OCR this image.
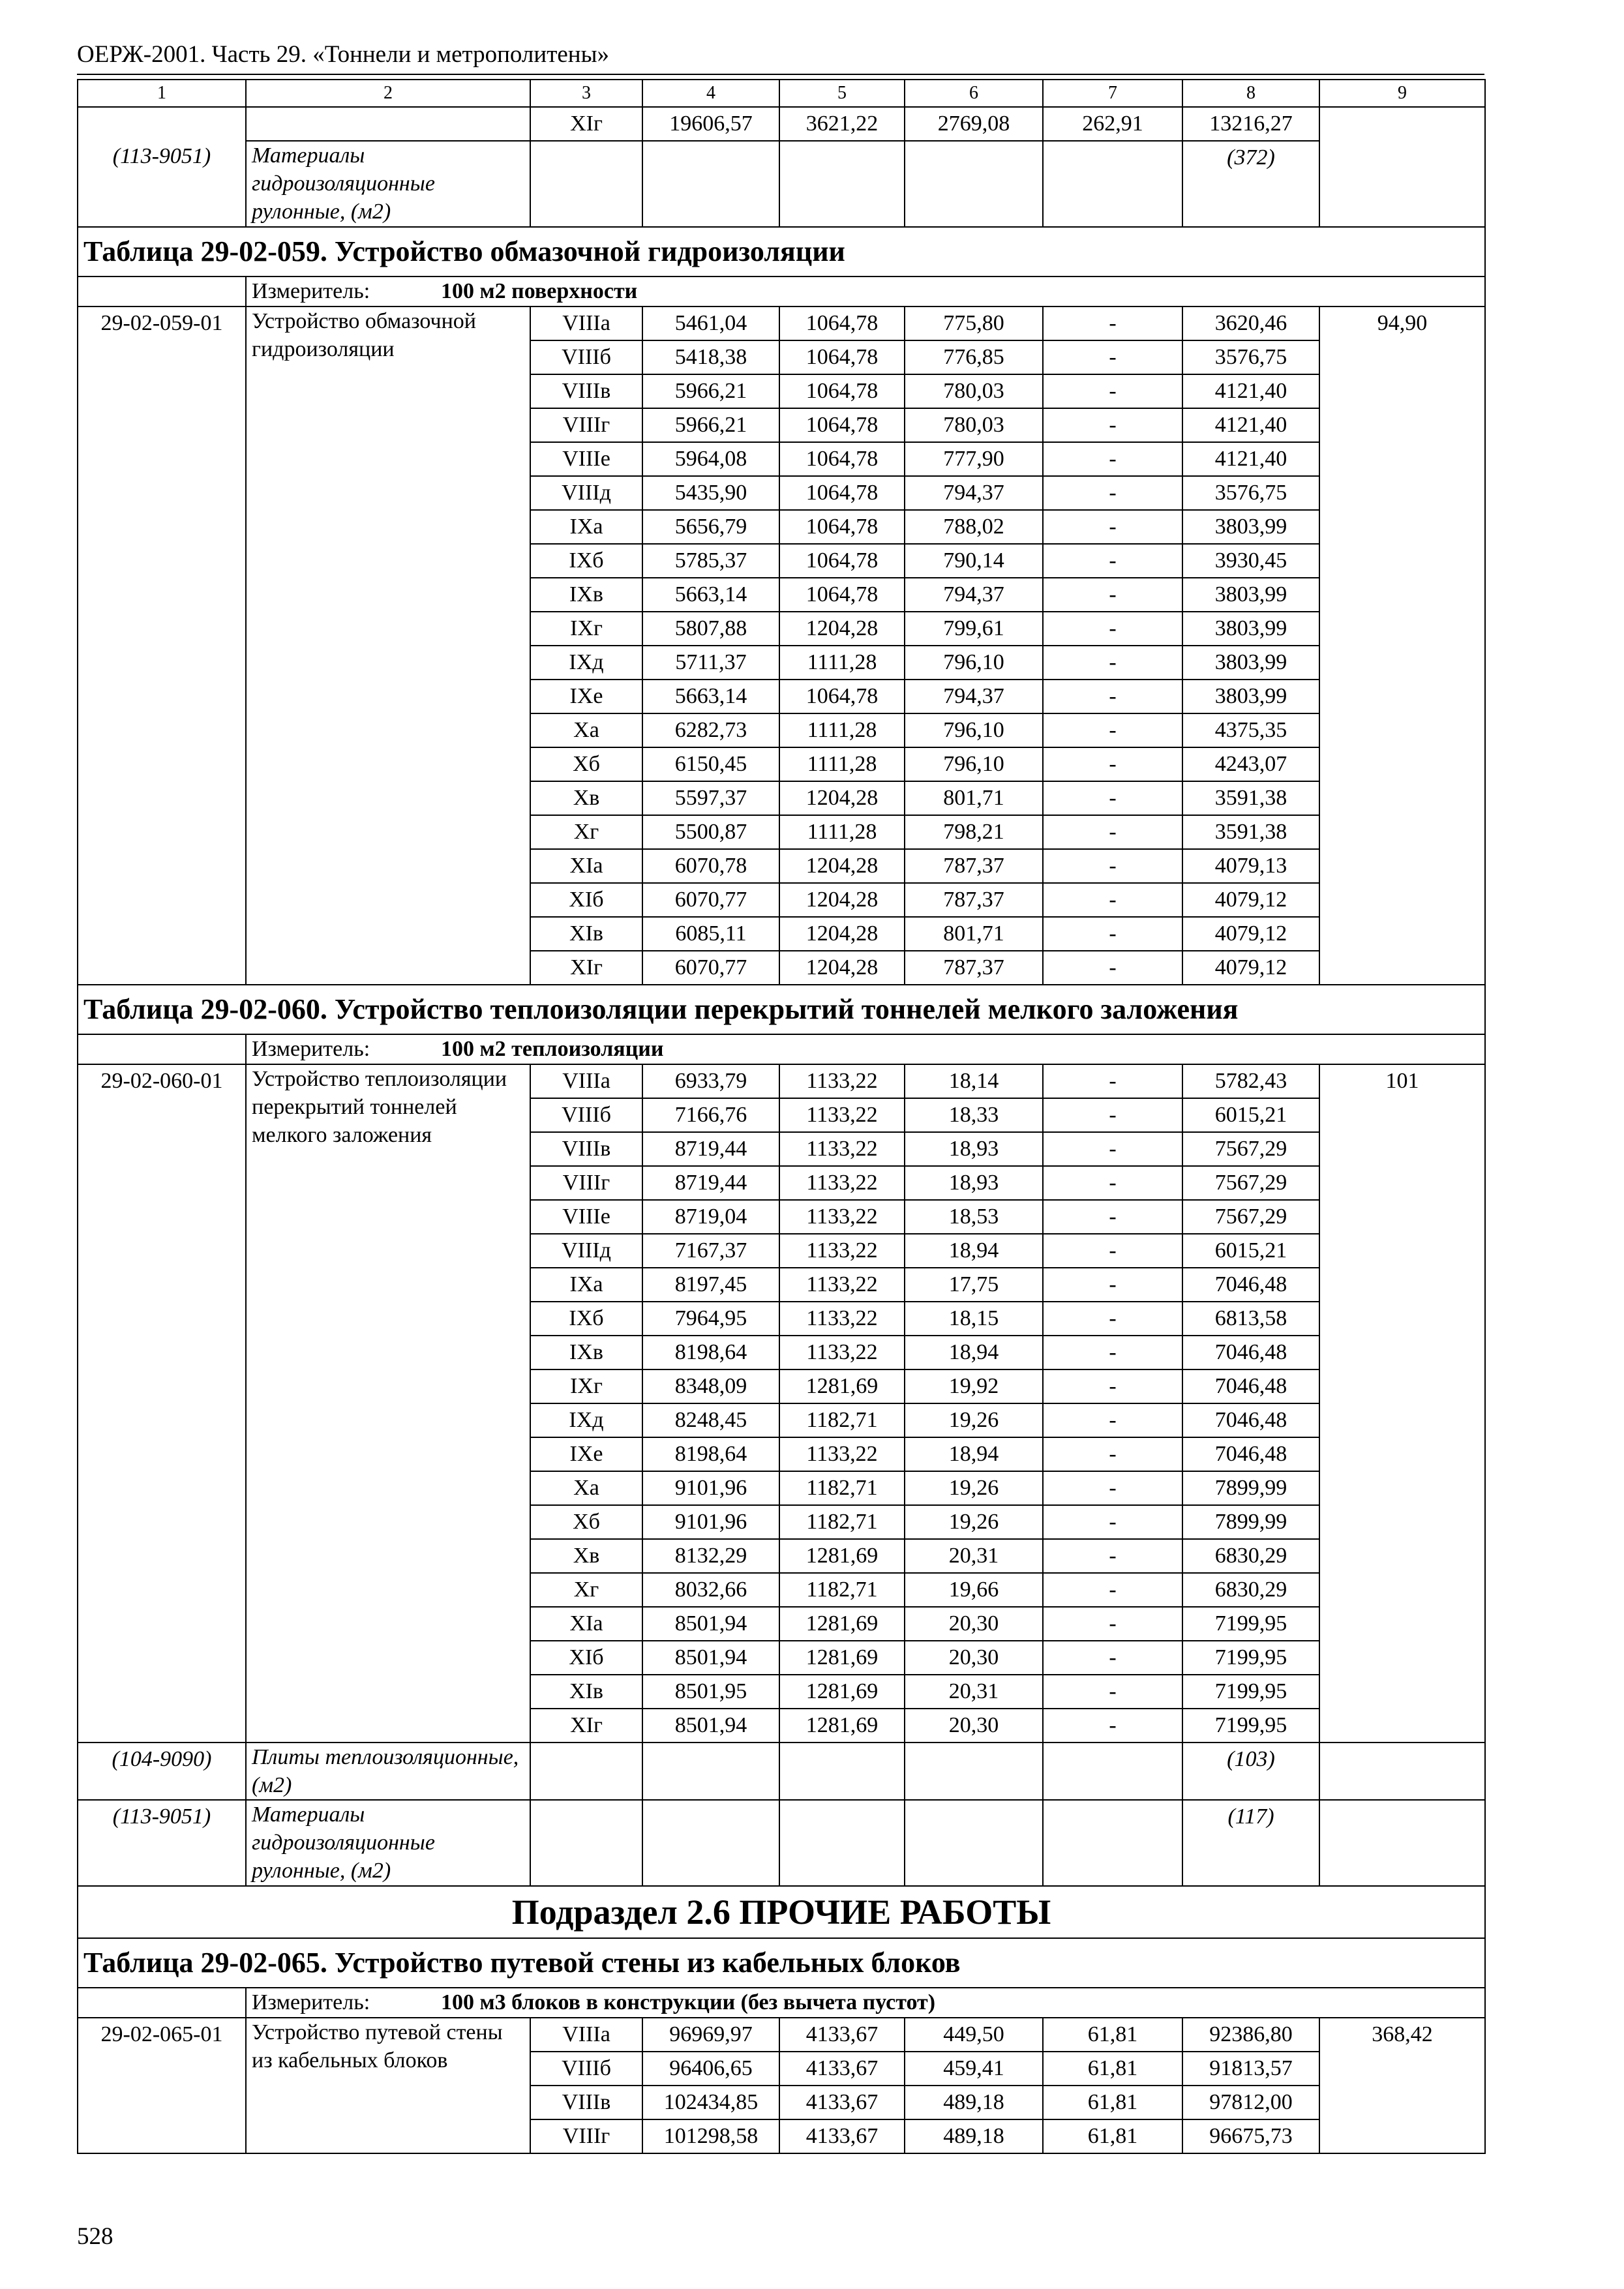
ОЕРЖ-2001. Часть 29. «Тоннели и метрополитены»
1	2	3	4	5	6	7	8	9

(113-9051)		XIг	19606,57	3621,22	2769,08	262,91	13216,27	
	Материалы гидроизоляционные рулонные, (м2)						(372)	
Таблица 29-02-059. Устройство обмазочной гидроизоляции								
	Измеритель: 100 м2 поверхности							
29-02-059-01	Устройство обмазочной гидроизоляции	VIIIа	5461,04	1064,78	775,80	-	3620,46	94,90
		VIIIб	5418,38	1064,78	776,85	-	3576,75	
		VIIIв	5966,21	1064,78	780,03	-	4121,40	
		VIIIг	5966,21	1064,78	780,03	-	4121,40	
		VIIIе	5964,08	1064,78	777,90	-	4121,40	
		VIIIд	5435,90	1064,78	794,37	-	3576,75	
		IXа	5656,79	1064,78	788,02	-	3803,99	
		IXб	5785,37	1064,78	790,14	-	3930,45	
		IXв	5663,14	1064,78	794,37	-	3803,99	
		IXг	5807,88	1204,28	799,61	-	3803,99	
		IXд	5711,37	1111,28	796,10	-	3803,99	
		IXе	5663,14	1064,78	794,37	-	3803,99	
		Xа	6282,73	1111,28	796,10	-	4375,35	
		Xб	6150,45	1111,28	796,10	-	4243,07	
		Xв	5597,37	1204,28	801,71	-	3591,38	
		Xг	5500,87	1111,28	798,21	-	3591,38	
		XIа	6070,78	1204,28	787,37	-	4079,13	
		XIб	6070,77	1204,28	787,37	-	4079,12	
		XIв	6085,11	1204,28	801,71	-	4079,12	
		XIг	6070,77	1204,28	787,37	-	4079,12	
Таблица 29-02-060. Устройство теплоизоляции перекрытий тоннелей мелкого заложения								
	Измеритель: 100 м2 теплоизоляции							
29-02-060-01	Устройство теплоизоляции перекрытий тоннелей мелкого заложения	VIIIа	6933,79	1133,22	18,14	-	5782,43	101
		VIIIб	7166,76	1133,22	18,33	-	6015,21	
		VIIIв	8719,44	1133,22	18,93	-	7567,29	
		VIIIг	8719,44	1133,22	18,93	-	7567,29	
		VIIIе	8719,04	1133,22	18,53	-	7567,29	
		VIIIд	7167,37	1133,22	18,94	-	6015,21	
		IXа	8197,45	1133,22	17,75	-	7046,48	
		IXб	7964,95	1133,22	18,15	-	6813,58	
		IXв	8198,64	1133,22	18,94	-	7046,48	
		IXг	8348,09	1281,69	19,92	-	7046,48	
		IXд	8248,45	1182,71	19,26	-	7046,48	
		IXе	8198,64	1133,22	18,94	-	7046,48	
		Xа	9101,96	1182,71	19,26	-	7899,99	
		Xб	9101,96	1182,71	19,26	-	7899,99	
		Xв	8132,29	1281,69	20,31	-	6830,29	
		Xг	8032,66	1182,71	19,66	-	6830,29	
		XIа	8501,94	1281,69	20,30	-	7199,95	
		XIб	8501,94	1281,69	20,30	-	7199,95	
		XIв	8501,95	1281,69	20,31	-	7199,95	
		XIг	8501,94	1281,69	20,30	-	7199,95	
(104-9090)	Плиты теплоизоляционные, (м2)						(103)	
(113-9051)	Материалы гидроизоляционные рулонные, (м2)						(117)	
Подраздел 2.6 ПРОЧИЕ РАБОТЫ								
Таблица 29-02-065. Устройство путевой стены из кабельных блоков								
	Измеритель: 100 м3 блоков в конструкции (без вычета пустот)							
29-02-065-01	Устройство путевой стены из кабельных блоков	VIIIа	96969,97	4133,67	449,50	61,81	92386,80	368,42
		VIIIб	96406,65	4133,67	459,41	61,81	91813,57	
		VIIIв	102434,85	4133,67	489,18	61,81	97812,00	
		VIIIг	101298,58	4133,67	489,18	61,81	96675,73	
528
